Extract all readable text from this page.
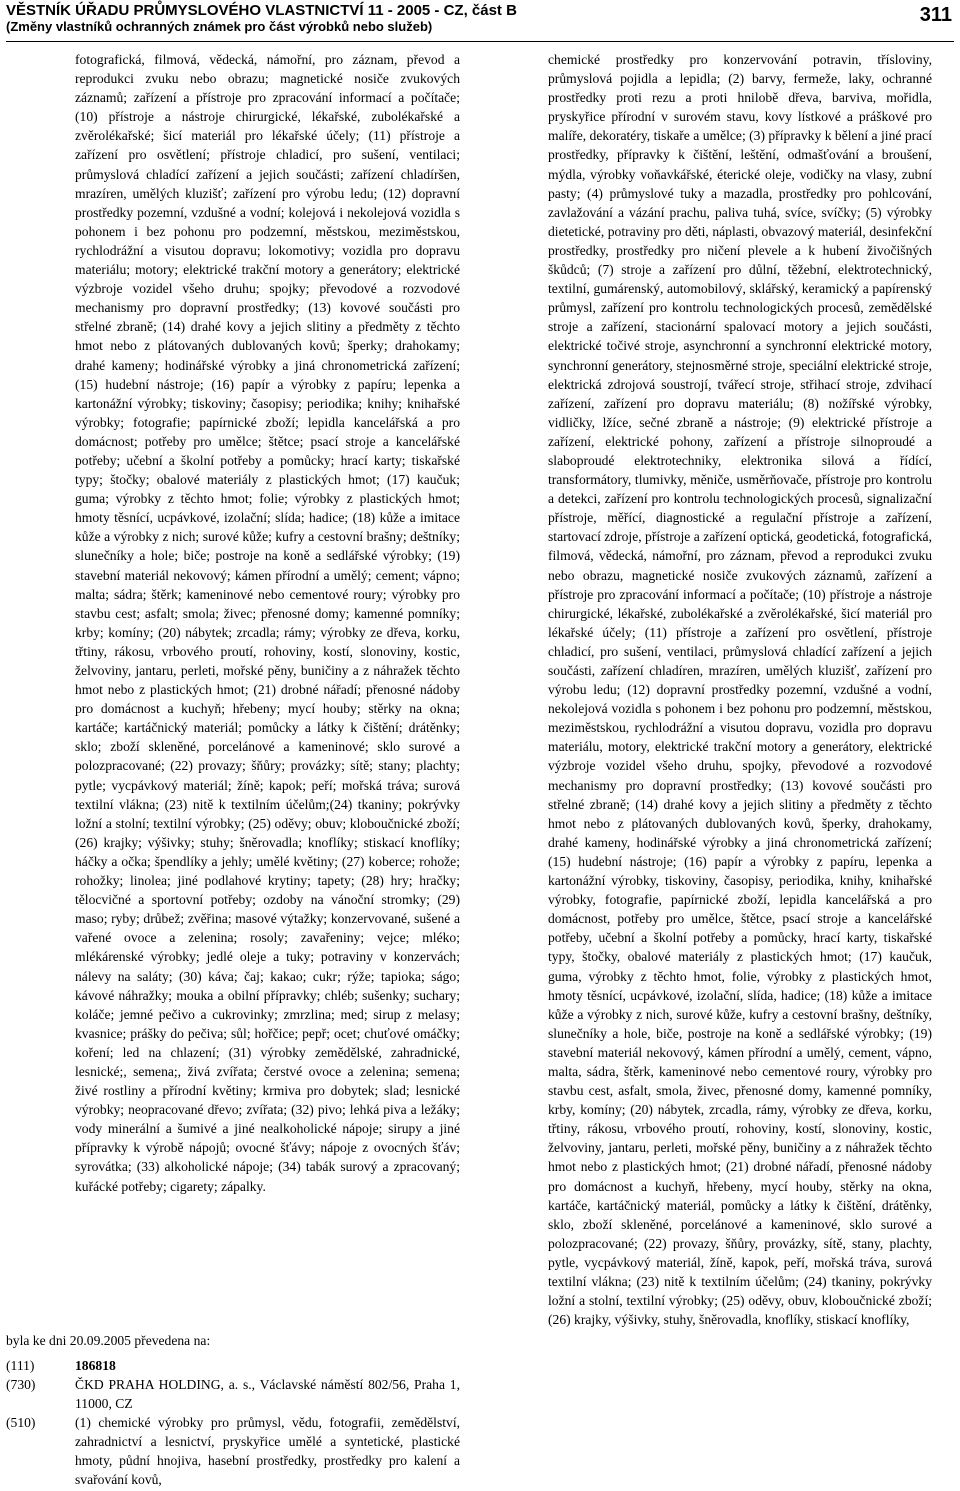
VĚSTNÍK ÚŘADU PRŮMYSLOVÉHO VLASTNICTVÍ 11 - 2005 - CZ, část B
(Změny vlastníků ochranných známek pro část výrobků nebo služeb)
311

fotografická, filmová, vědecká, námořní, pro záznam, převod a reprodukci zvuku nebo obrazu; magnetické nosiče zvukových záznamů; zařízení a přístroje pro zpracování informací a počítače; (10) přístroje a nástroje chirurgické, lékařské, zubolékařské a zvěrolékařské; šicí materiál pro lékařské účely; (11) přístroje a zařízení pro osvětlení; přístroje chladicí, pro sušení, ventilaci; průmyslová chladící zařízení a jejich součásti; zařízení chladíršen, mrazíren, umělých kluzišť; zařízení pro výrobu ledu; (12) dopravní prostředky pozemní, vzdušné a vodní; kolejová i nekolejová vozidla s pohonem i bez pohonu pro podzemní, městskou, meziměstskou, rychlodrážní a visutou dopravu; lokomotivy; vozidla pro dopravu materiálu; motory; elektrické trakční motory a generátory; elektrické výzbroje vozidel všeho druhu; spojky; převodové a rozvodové mechanismy pro dopravní prostředky; (13) kovové součásti pro střelné zbraně; (14) drahé kovy a jejich slitiny a předměty z těchto hmot nebo z plátovaných dublovaných kovů; šperky; drahokamy; drahé kameny; hodinářské výrobky a jiná chronometrická zařízení; (15) hudební nástroje; (16) papír a výrobky z papíru; lepenka a kartonážní výrobky; tiskoviny; časopisy; periodika; knihy; knihařské výrobky; fotografie; papírnické zboží; lepidla kancelářská a pro domácnost; potřeby pro umělce; štětce; psací stroje a kancelářské potřeby; učební a školní potřeby a pomůcky; hrací karty; tiskařské typy; štočky; obalové materiály z plastických hmot; (17) kaučuk; guma; výrobky z těchto hmot; folie; výrobky z plastických hmot; hmoty těsnící, ucpávkové, izolační; slída; hadice; (18) kůže a imitace kůže a výrobky z nich; surové kůže; kufry a cestovní brašny; deštníky; slunečníky a hole; biče; postroje na koně a sedlářské výrobky; (19) stavební materiál nekovový; kámen přírodní a umělý; cement; vápno; malta; sádra; štěrk; kameninové nebo cementové roury; výrobky pro stavbu cest; asfalt; smola; živec; přenosné domy; kamenné pomníky; krby; komíny; (20) nábytek; zrcadla; rámy; výrobky ze dřeva, korku, třtiny, rákosu, vrbového proutí, rohoviny, kostí, slonoviny, kostic, želvoviny, jantaru, perleti, mořské pěny, buničiny a z náhražek těchto hmot nebo z plastických hmot; (21) drobné nářadí; přenosné nádoby pro domácnost a kuchyň; hřebeny; mycí houby; stěrky na okna; kartáče; kartáčnický materiál; pomůcky a látky k čištění; drátěnky; sklo; zboží skleněné, porcelánové a kameninové; sklo surové a polozpracované; (22) provazy; šňůry; provázky; sítě; stany; plachty; pytle; vycpávkový materiál; žíně; kapok; peří; mořská tráva; surová textilní vlákna; (23) nitě k textilním účelům;(24) tkaniny; pokrývky ložní a stolní; textilní výrobky; (25) oděvy; obuv; kloboučnické zboží; (26) krajky; výšivky; stuhy; šněrovadla; knoflíky; stiskací knoflíky; háčky a očka; špendlíky a jehly; umělé květiny; (27) koberce; rohože; rohožky; linolea; jiné podlahové krytiny; tapety; (28) hry; hračky; tělocvičné a sportovní potřeby; ozdoby na vánoční stromky; (29) maso; ryby; drůbež; zvěřina; masové výtažky; konzervované, sušené a vařené ovoce a zelenina; rosoly; zavařeniny; vejce; mléko; mlékárenské výrobky; jedlé oleje a tuky; potraviny v konzervách; nálevy na saláty; (30) káva; čaj; kakao; cukr; rýže; tapioka; ságo; kávové náhražky; mouka a obilní přípravky; chléb; sušenky; suchary; koláče; jemné pečivo a cukrovinky; zmrzlina; med; sirup z melasy; kvasnice; prášky do pečiva; sůl; hořčice; pepř; ocet; chuťové omáčky; koření; led na chlazení; (31) výrobky zemědělské, zahradnické, lesnické;, semena;, živá zvířata; čerstvé ovoce a zelenina; semena; živé rostliny a přírodní květiny; krmiva pro dobytek; slad; lesnické výrobky; neopracované dřevo; zvířata; (32) pivo; lehká piva a ležáky; vody minerální a šumivé a jiné nealkoholické nápoje; sirupy a jiné přípravky k výrobě nápojů; ovocné šťávy; nápoje z ovocných šťáv; syrovátka; (33) alkoholické nápoje; (34) tabák surový a zpracovaný; kuřácké potřeby; cigarety; zápalky.

byla ke dni 20.09.2005 převedena na:
(111)	186818
(730)	ČKD PRAHA HOLDING, a. s., Václavské náměstí 802/56, Praha 1, 11000, CZ
(510)	(1) chemické výrobky pro průmysl, vědu, fotografii, zemědělství, zahradnictví a lesnictví, pryskyřice umělé a syntetické, plastické hmoty, půdní hnojiva, hasební prostředky, prostředky pro kalení a svařování kovů,

chemické prostředky pro konzervování potravin, třísloviny, průmyslová pojidla a lepidla; (2) barvy, fermeže, laky, ochranné prostředky proti rezu a proti hnilobě dřeva, barviva, mořidla, pryskyřice přírodní v surovém stavu, kovy lístkové a práškové pro malíře, dekoratéry, tiskaře a umělce; (3) přípravky k bělení a jiné prací prostředky, přípravky k čištění, leštění, odmašťování a broušení, mýdla, výrobky voňavkářské, éterické oleje, vodičky na vlasy, zubní pasty; (4) průmyslové tuky a mazadla, prostředky pro pohlcování, zavlažování a vázání prachu, paliva tuhá, svíce, svíčky; (5) výrobky dietetické, potraviny pro děti, náplasti, obvazový materiál, desinfekční prostředky, prostředky pro ničení plevele a k hubení živočišných škůdců; (7) stroje a zařízení pro důlní, těžební, elektrotechnický, textilní, gumárenský, automobilový, sklářský, keramický a papírenský průmysl, zařízení pro kontrolu technologických procesů, zemědělské stroje a zařízení, stacionární spalovací motory a jejich součásti, elektrické točivé stroje, asynchronní a synchronní elektrické motory, synchronní generátory, stejnosměrné stroje, speciální elektrické stroje, elektrická zdrojová soustrojí, tvářecí stroje, střihací stroje, zdvihací zařízení, zařízení pro dopravu materiálu; (8) nožířské výrobky, vidličky, lžíce, sečné zbraně a nástroje; (9) elektrické přístroje a zařízení, elektrické pohony, zařízení a přístroje silnoproudé a slaboproudé elektrotechniky, elektronika silová a řídící, transformátory, tlumivky, měniče, usměrňovače, přístroje pro kontrolu a detekci, zařízení pro kontrolu technologických procesů, signalizační přístroje, měřící, diagnostické a regulační přístroje a zařízení, startovací zdroje, přístroje a zařízení optická, geodetická, fotografická, filmová, vědecká, námořní, pro záznam, převod a reprodukci zvuku nebo obrazu, magnetické nosiče zvukových záznamů, zařízení a přístroje pro zpracování informací a počítače; (10) přístroje a nástroje chirurgické, lékařské, zubolékařské a zvěrolékařské, šicí materiál pro lékařské účely; (11) přístroje a zařízení pro osvětlení, přístroje chladicí, pro sušení, ventilaci, průmyslová chladící zařízení a jejich součásti, zařízení chladíren, mrazíren, umělých kluzišť, zařízení pro výrobu ledu; (12) dopravní prostředky pozemní, vzdušné a vodní, nekolejová vozidla s pohonem i bez pohonu pro podzemní, městskou, meziměstskou, rychlodrážní a visutou dopravu, vozidla pro dopravu materiálu, motory, elektrické trakční motory a generátory, elektrické výzbroje vozidel všeho druhu, spojky, převodové a rozvodové mechanismy pro dopravní prostředky; (13) kovové součásti pro střelné zbraně; (14) drahé kovy a jejich slitiny a předměty z těchto hmot nebo z plátovaných dublovaných kovů, šperky, drahokamy, drahé kameny, hodinářské výrobky a jiná chronometrická zařízení; (15) hudební nástroje; (16) papír a výrobky z papíru, lepenka a kartonážní výrobky, tiskoviny, časopisy, periodika, knihy, knihařské výrobky, fotografie, papírnické zboží, lepidla kancelářská a pro domácnost, potřeby pro umělce, štětce, psací stroje a kancelářské potřeby, učební a školní potřeby a pomůcky, hrací karty, tiskařské typy, štočky, obalové materiály z plastických hmot; (17) kaučuk, guma, výrobky z těchto hmot, folie, výrobky z plastických hmot, hmoty těsnící, ucpávkové, izolační, slída, hadice; (18) kůže a imitace kůže a výrobky z nich, surové kůže, kufry a cestovní brašny, deštníky, slunečníky a hole, biče, postroje na koně a sedlářské výrobky; (19) stavební materiál nekovový, kámen přírodní a umělý, cement, vápno, malta, sádra, štěrk, kameninové nebo cementové roury, výrobky pro stavbu cest, asfalt, smola, živec, přenosné domy, kamenné pomníky, krby, komíny; (20) nábytek, zrcadla, rámy, výrobky ze dřeva, korku, třtiny, rákosu, vrbového proutí, rohoviny, kostí, slonoviny, kostic, želvoviny, jantaru, perleti, mořské pěny, buničiny a z náhražek těchto hmot nebo z plastických hmot; (21) drobné nářadí, přenosné nádoby pro domácnost a kuchyň, hřebeny, mycí houby, stěrky na okna, kartáče, kartáčnický materiál, pomůcky a látky k čištění, drátěnky, sklo, zboží skleněné, porcelánové a kameninové, sklo surové a polozpracované; (22) provazy, šňůry, provázky, sítě, stany, plachty, pytle, vycpávkový materiál, žíně, kapok, peří, mořská tráva, surová textilní vlákna; (23) nitě k textilním účelům; (24) tkaniny, pokrývky ložní a stolní, textilní výrobky; (25) oděvy, obuv, kloboučnické zboží; (26) krajky, výšivky, stuhy, šněrovadla, knoflíky, stiskací knoflíky,
